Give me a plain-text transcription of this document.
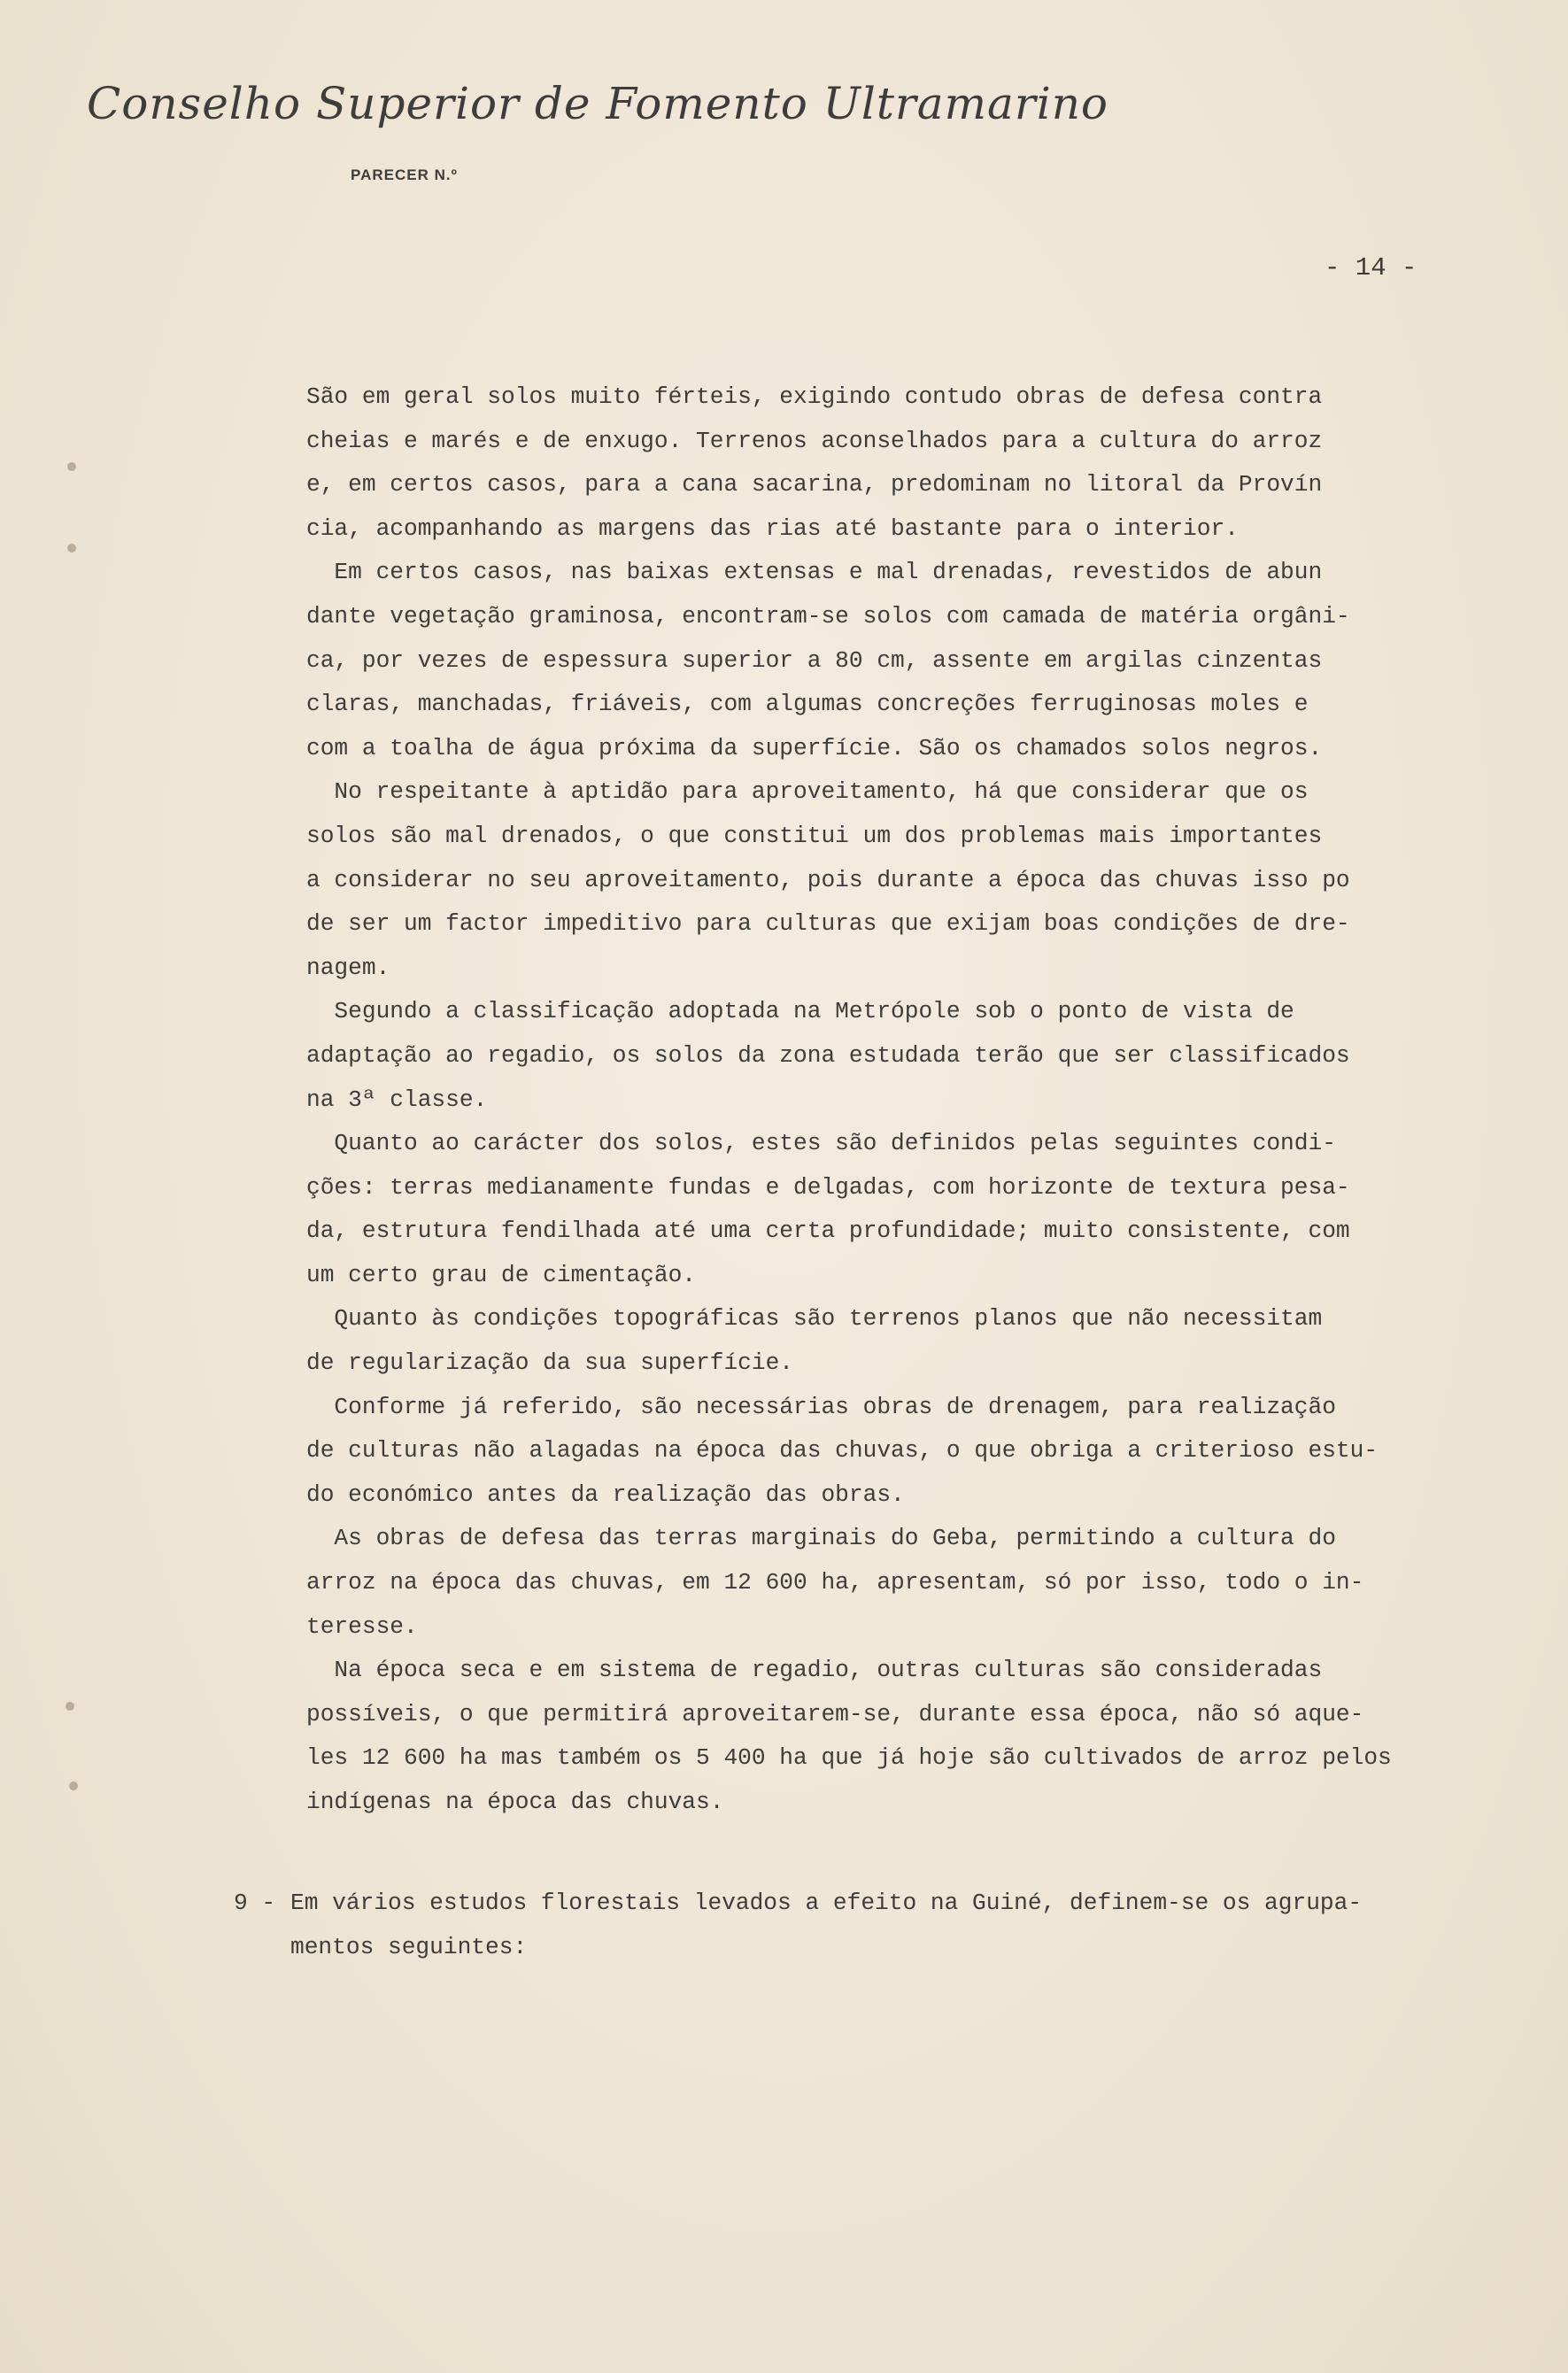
Conselho Superior de Fomento Ultramarino
PARECER N.º
- 14 -
São em geral solos muito férteis, exigindo contudo obras de defesa contra
cheias e marés e de enxugo. Terrenos aconselhados para a cultura do arroz
e, em certos casos, para a cana sacarina, predominam no litoral da Provín
cia, acompanhando as margens das rias até bastante para o interior.
Em certos casos, nas baixas extensas e mal drenadas, revestidos de abun
dante vegetação graminosa, encontram-se solos com camada de matéria orgâni-
ca, por vezes de espessura superior a 80 cm, assente em argilas cinzentas
claras, manchadas, friáveis, com algumas concreções ferruginosas moles e
com a toalha de água próxima da superfície. São os chamados solos negros.
No respeitante à aptidão para aproveitamento, há que considerar que os
solos são mal drenados, o que constitui um dos problemas mais importantes
a considerar no seu aproveitamento, pois durante a época das chuvas isso po
de ser um factor impeditivo para culturas que exijam boas condições de dre-
nagem.
Segundo a classificação adoptada na Metrópole sob o ponto de vista de
adaptação ao regadio, os solos da zona estudada terão que ser classificados
na 3ª classe.
Quanto ao carácter dos solos, estes são definidos pelas seguintes condi-
ções: terras medianamente fundas e delgadas, com horizonte de textura pesa-
da, estrutura fendilhada até uma certa profundidade; muito consistente, com
um certo grau de cimentação.
Quanto às condições topográficas são terrenos planos que não necessitam
de regularização da sua superfície.
Conforme já referido, são necessárias obras de drenagem, para realização
de culturas não alagadas na época das chuvas, o que obriga a criterioso estu-
do económico antes da realização das obras.
As obras de defesa das terras marginais do Geba, permitindo a cultura do
arroz na época das chuvas, em 12 600 ha, apresentam, só por isso, todo o in-
teresse.
Na época seca e em sistema de regadio, outras culturas são consideradas
possíveis, o que permitirá aproveitarem-se, durante essa época, não só aque-
les 12 600 ha mas também os 5 400 ha que já hoje são cultivados de arroz pelos
indígenas na época das chuvas.
9 - Em vários estudos florestais levados a efeito na Guiné, definem-se os agrupa-
mentos seguintes:
